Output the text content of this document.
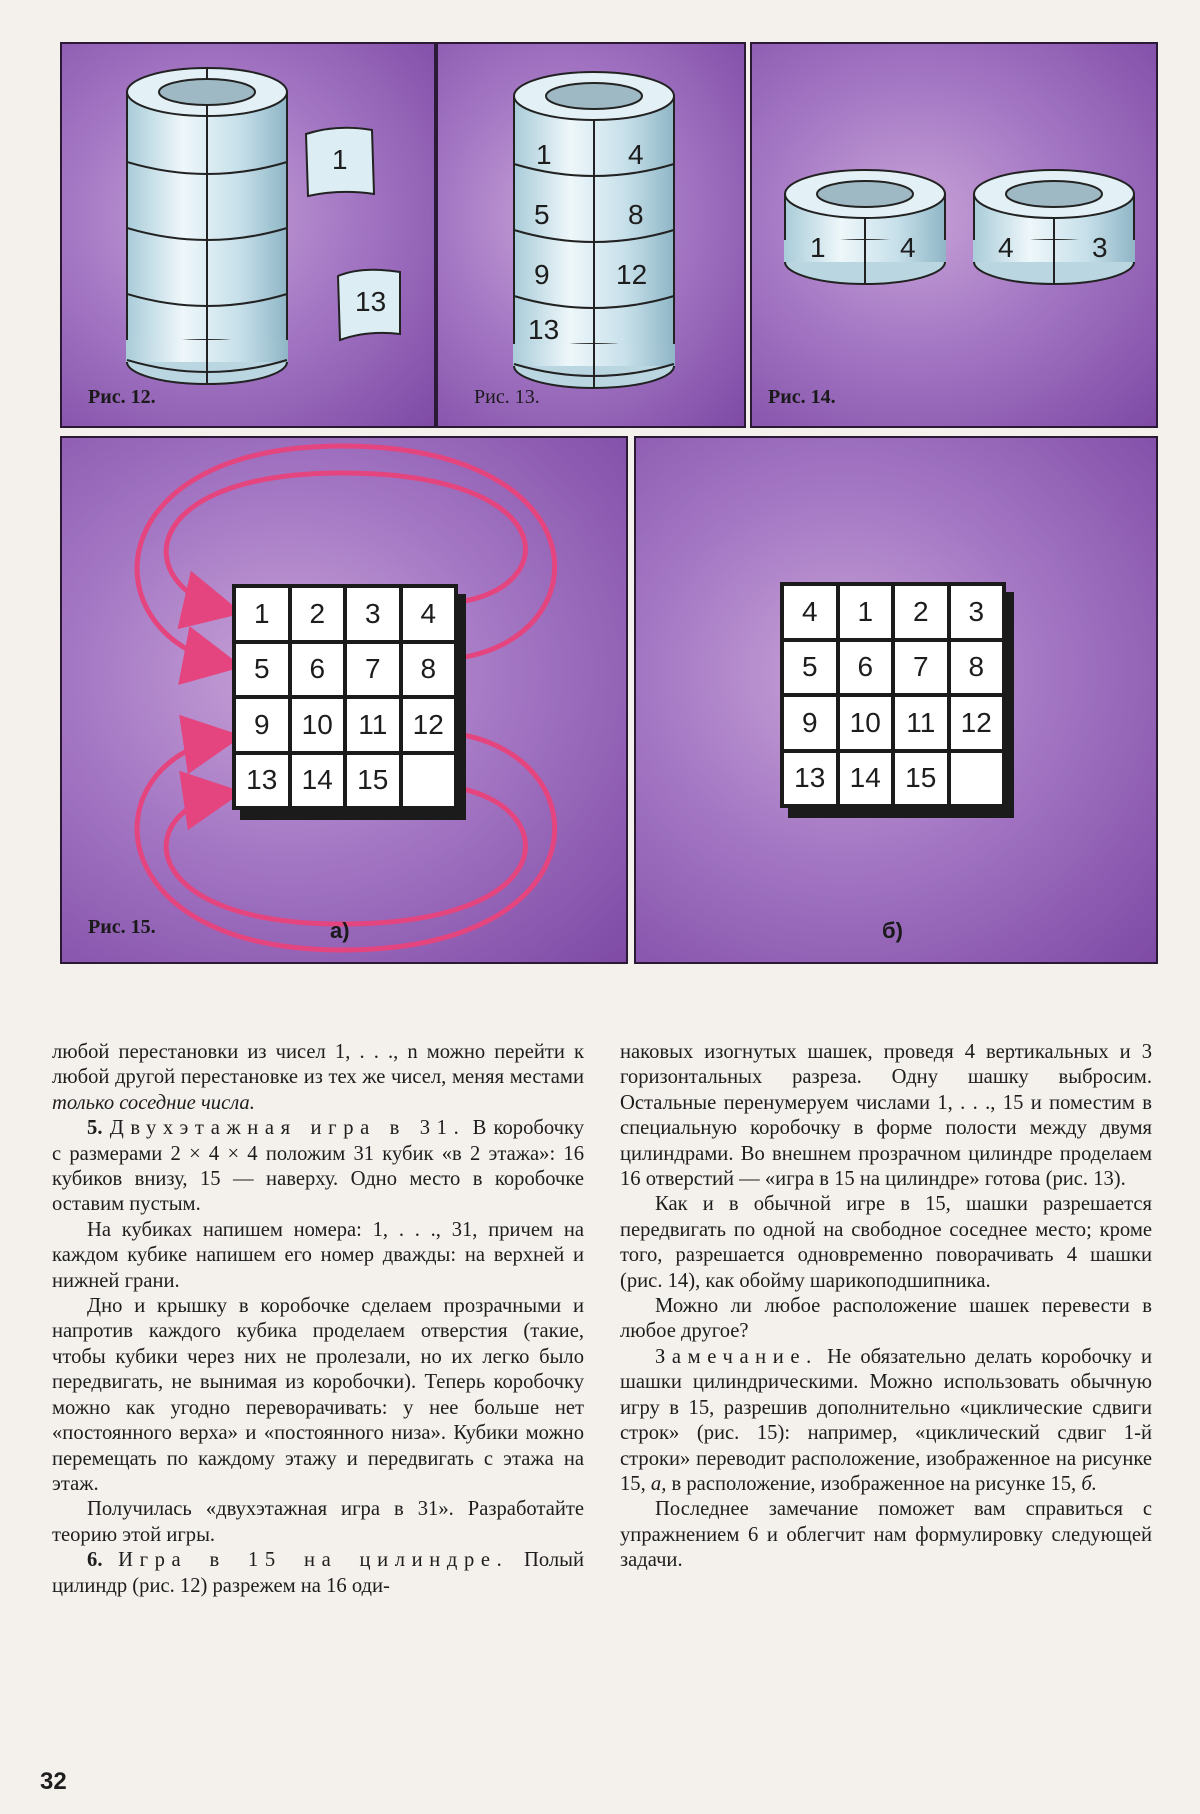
1
13
Рис. 12.
1
5
9
13
4
8
12
Рис. 13.
1	4	4	3
Рис. 14.
1	2	3	4
5	6	7	8
9	10 11 12
13 14 15
Рис. 15.	а)
4	1	2	3
5	6	7	8
9	10 11 12
13 14 15
б)

любой перестановки из чисел 1, . . ., n можно перейти к любой другой перестановке из тех же чисел, меняя местами только соседние числа.

5. Двухэтажная игра в 31. В коробочку с размерами 2 × 4 × 4 положим 31 кубик «в 2 этажа»: 16 кубиков внизу, 15 — наверху. Одно место в коробочке оставим пустым.

На кубиках напишем номера: 1, . . ., 31, причем на каждом кубике напишем его номер дважды: на верхней и нижней грани.

Дно и крышку в коробочке сделаем прозрачными и напротив каждого кубика проделаем отверстия (такие, чтобы кубики через них не пролезали, но их легко было передвигать, не вынимая из коробочки). Теперь коробочку можно как угодно переворачивать: у нее больше нет «постоянного верха» и «постоянного низа». Кубики можно перемещать по каждому этажу и передвигать с этажа на этаж.

Получилась «двухэтажная игра в 31». Разработайте теорию этой игры.

6. Игра в 15 на цилиндре. Полый цилиндр (рис. 12) разрежем на 16 оди-

наковых изогнутых шашек, проведя 4 вертикальных и 3 горизонтальных разреза. Одну шашку выбросим. Остальные перенумеруем числами 1, . . ., 15 и поместим в специальную коробочку в форме полости между двумя цилиндрами. Во внешнем прозрачном цилиндре проделаем 16 отверстий — «игра в 15 на цилиндре» готова (рис. 13).

Как и в обычной игре в 15, шашки разрешается передвигать по одной на свободное соседнее место; кроме того, разрешается одновременно поворачивать 4 шашки (рис. 14), как обойму шарикоподшипника.

Можно ли любое расположение шашек перевести в любое другое?

Замечание. Не обязательно делать коробочку и шашки цилиндрическими. Можно использовать обычную игру в 15, разрешив дополнительно «циклические сдвиги строк» (рис. 15): например, «циклический сдвиг 1-й строки» переводит расположение, изображенное на рисунке 15, а, в расположение, изображенное на рисунке 15, б.

Последнее замечание поможет вам справиться с упражнением 6 и облегчит нам формулировку следующей задачи.

32
